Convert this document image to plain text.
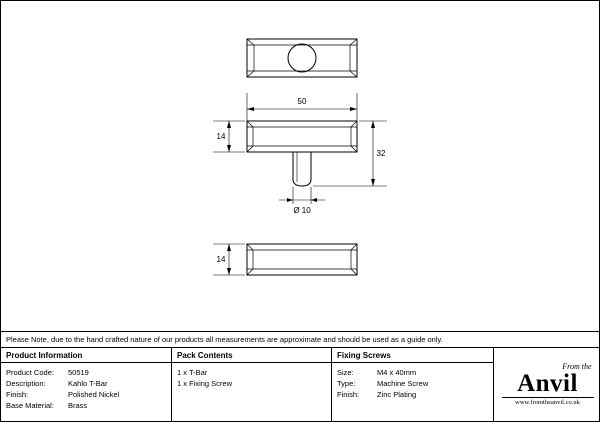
50
14
32
Ø 10
14
Please Note, due to the hand crafted nature of our products all measurements are approximate and should be used as a guide only.
Product Information
Product Code: 50519
Description:	Kahlo T-Bar
Finish:	Polished Nickel
Base Material: Brass
Pack Contents
1 x T-Bar
1 x Fixing Screw
Fixing Screws
Size:	M4 x 40mm
Type:	Machine Screw
Finish: Zinc Plating
From the
Anvil
www.fromtheanvil.co.uk
